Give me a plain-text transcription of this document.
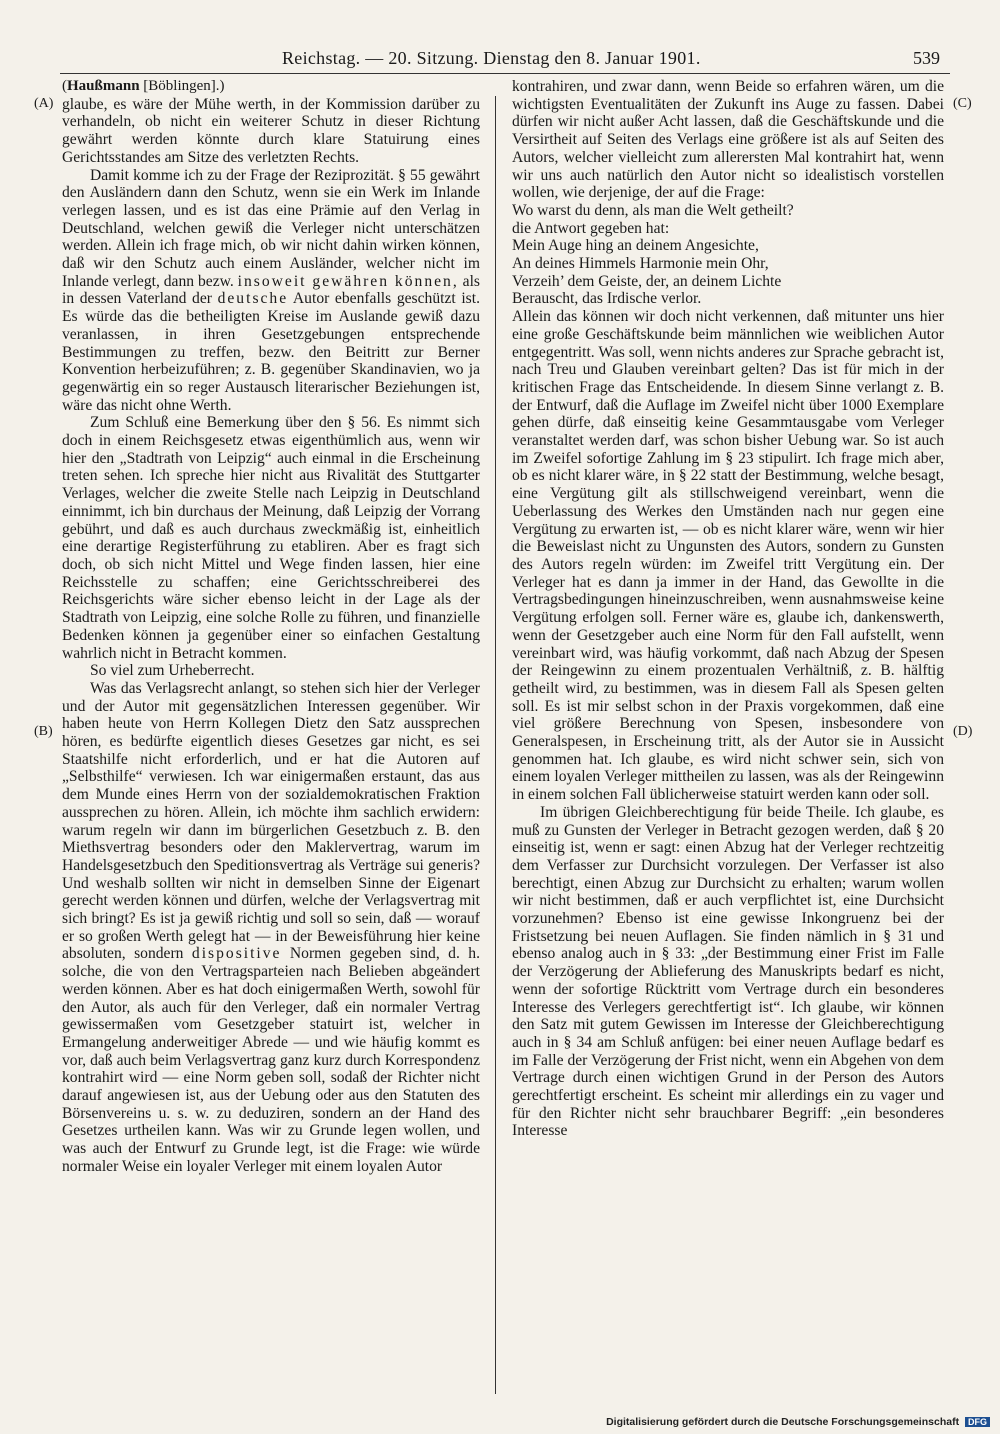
Reichstag. — 20. Sitzung. Dienstag den 8. Januar 1901.	539
(A)
(B)
(C)
(D)

(Haußmann [Böblingen].)

glaube, es wäre der Mühe werth, in der Kommission darüber zu verhandeln, ob nicht ein weiterer Schutz in dieser Richtung gewährt werden könnte durch klare Statuirung eines Gerichtsstandes am Sitze des verletzten Rechts.

Damit komme ich zu der Frage der Reziprozität. § 55 gewährt den Ausländern dann den Schutz, wenn sie ein Werk im Inlande verlegen lassen, und es ist das eine Prämie auf den Verlag in Deutschland, welchen gewiß die Verleger nicht unterschätzen werden. Allein ich frage mich, ob wir nicht dahin wirken können, daß wir den Schutz auch einem Ausländer, welcher nicht im Inlande verlegt, dann bezw. insoweit gewähren können, als in dessen Vaterland der deutsche Autor ebenfalls geschützt ist. Es würde das die betheiligten Kreise im Auslande gewiß dazu veranlassen, in ihren Gesetzgebungen entsprechende Bestimmungen zu treffen, bezw. den Beitritt zur Berner Konvention herbeizuführen; z. B. gegenüber Skandinavien, wo ja gegenwärtig ein so reger Austausch literarischer Beziehungen ist, wäre das nicht ohne Werth.

Zum Schluß eine Bemerkung über den § 56. Es nimmt sich doch in einem Reichsgesetz etwas eigenthümlich aus, wenn wir hier den „Stadtrath von Leipzig“ auch einmal in die Erscheinung treten sehen. Ich spreche hier nicht aus Rivalität des Stuttgarter Verlages, welcher die zweite Stelle nach Leipzig in Deutschland einnimmt, ich bin durchaus der Meinung, daß Leipzig der Vorrang gebührt, und daß es auch durchaus zweckmäßig ist, einheitlich eine derartige Registerführung zu etabliren. Aber es fragt sich doch, ob sich nicht Mittel und Wege finden lassen, hier eine Reichsstelle zu schaffen; eine Gerichtsschreiberei des Reichsgerichts wäre sicher ebenso leicht in der Lage als der Stadtrath von Leipzig, eine solche Rolle zu führen, und finanzielle Bedenken können ja gegenüber einer so einfachen Gestaltung wahrlich nicht in Betracht kommen.

So viel zum Urheberrecht.

Was das Verlagsrecht anlangt, so stehen sich hier der Verleger und der Autor mit gegensätzlichen Interessen gegenüber. Wir haben heute von Herrn Kollegen Dietz den Satz aussprechen hören, es bedürfte eigentlich dieses Gesetzes gar nicht, es sei Staatshilfe nicht erforderlich, und er hat die Autoren auf „Selbsthilfe“ verwiesen. Ich war einigermaßen erstaunt, das aus dem Munde eines Herrn von der sozialdemokratischen Fraktion aussprechen zu hören. Allein, ich möchte ihm sachlich erwidern: warum regeln wir dann im bürgerlichen Gesetzbuch z. B. den Miethsvertrag besonders oder den Maklervertrag, warum im Handelsgesetzbuch den Speditionsvertrag als Verträge sui generis? Und weshalb sollten wir nicht in demselben Sinne der Eigenart gerecht werden können und dürfen, welche der Verlagsvertrag mit sich bringt? Es ist ja gewiß richtig und soll so sein, daß — worauf er so großen Werth gelegt hat — in der Beweisführung hier keine absoluten, sondern dispositive Normen gegeben sind, d. h. solche, die von den Vertragsparteien nach Belieben abgeändert werden können. Aber es hat doch einigermaßen Werth, sowohl für den Autor, als auch für den Verleger, daß ein normaler Vertrag gewissermaßen vom Gesetzgeber statuirt ist, welcher in Ermangelung anderweitiger Abrede — und wie häufig kommt es vor, daß auch beim Verlagsvertrag ganz kurz durch Korrespondenz kontrahirt wird — eine Norm geben soll, sodaß der Richter nicht darauf angewiesen ist, aus der Uebung oder aus den Statuten des Börsenvereins u. s. w. zu deduziren, sondern an der Hand des Gesetzes urtheilen kann. Was wir zu Grunde legen wollen, und was auch der Entwurf zu Grunde legt, ist die Frage: wie würde normaler Weise ein loyaler Verleger mit einem loyalen Autor

kontrahiren, und zwar dann, wenn Beide so erfahren wären, um die wichtigsten Eventualitäten der Zukunft ins Auge zu fassen. Dabei dürfen wir nicht außer Acht lassen, daß die Geschäftskunde und die Versirtheit auf Seiten des Verlags eine größere ist als auf Seiten des Autors, welcher vielleicht zum allerersten Mal kontrahirt hat, wenn wir uns auch natürlich den Autor nicht so idealistisch vorstellen wollen, wie derjenige, der auf die Frage:

Wo warst du denn, als man die Welt getheilt?

die Antwort gegeben hat:

Mein Auge hing an deinem Angesichte,

An deines Himmels Harmonie mein Ohr,

Verzeih’ dem Geiste, der, an deinem Lichte

Berauscht, das Irdische verlor.

Allein das können wir doch nicht verkennen, daß mitunter uns hier eine große Geschäftskunde beim männlichen wie weiblichen Autor entgegentritt. Was soll, wenn nichts anderes zur Sprache gebracht ist, nach Treu und Glauben vereinbart gelten? Das ist für mich in der kritischen Frage das Entscheidende. In diesem Sinne verlangt z. B. der Entwurf, daß die Auflage im Zweifel nicht über 1000 Exemplare gehen dürfe, daß einseitig keine Gesammtausgabe vom Verleger veranstaltet werden darf, was schon bisher Uebung war. So ist auch im Zweifel sofortige Zahlung im § 23 stipulirt. Ich frage mich aber, ob es nicht klarer wäre, in § 22 statt der Bestimmung, welche besagt, eine Vergütung gilt als stillschweigend vereinbart, wenn die Ueberlassung des Werkes den Umständen nach nur gegen eine Vergütung zu erwarten ist, — ob es nicht klarer wäre, wenn wir hier die Beweislast nicht zu Ungunsten des Autors, sondern zu Gunsten des Autors regeln würden: im Zweifel tritt Vergütung ein. Der Verleger hat es dann ja immer in der Hand, das Gewollte in die Vertragsbedingungen hineinzuschreiben, wenn ausnahmsweise keine Vergütung erfolgen soll. Ferner wäre es, glaube ich, dankenswerth, wenn der Gesetzgeber auch eine Norm für den Fall aufstellt, wenn vereinbart wird, was häufig vorkommt, daß nach Abzug der Spesen der Reingewinn zu einem prozentualen Verhältniß, z. B. hälftig getheilt wird, zu bestimmen, was in diesem Fall als Spesen gelten soll. Es ist mir selbst schon in der Praxis vorgekommen, daß eine viel größere Berechnung von Spesen, insbesondere von Generalspesen, in Erscheinung tritt, als der Autor sie in Aussicht genommen hat. Ich glaube, es wird nicht schwer sein, sich von einem loyalen Verleger mittheilen zu lassen, was als der Reingewinn in einem solchen Fall üblicherweise statuirt werden kann oder soll.

Im übrigen Gleichberechtigung für beide Theile. Ich glaube, es muß zu Gunsten der Verleger in Betracht gezogen werden, daß § 20 einseitig ist, wenn er sagt: einen Abzug hat der Verleger rechtzeitig dem Verfasser zur Durchsicht vorzulegen. Der Verfasser ist also berechtigt, einen Abzug zur Durchsicht zu erhalten; warum wollen wir nicht bestimmen, daß er auch verpflichtet ist, eine Durchsicht vorzunehmen? Ebenso ist eine gewisse Inkongruenz bei der Fristsetzung bei neuen Auflagen. Sie finden nämlich in § 31 und ebenso analog auch in § 33: „der Bestimmung einer Frist im Falle der Verzögerung der Ablieferung des Manuskripts bedarf es nicht, wenn der sofortige Rücktritt vom Vertrage durch ein besonderes Interesse des Verlegers gerechtfertigt ist“. Ich glaube, wir können den Satz mit gutem Gewissen im Interesse der Gleichberechtigung auch in § 34 am Schluß anfügen: bei einer neuen Auflage bedarf es im Falle der Verzögerung der Frist nicht, wenn ein Abgehen von dem Vertrage durch einen wichtigen Grund in der Person des Autors gerechtfertigt erscheint. Es scheint mir allerdings ein zu vager und für den Richter nicht sehr brauchbarer Begriff: „ein besonderes Interesse

Digitalisierung gefördert durch die Deutsche Forschungsgemeinschaft DFG
